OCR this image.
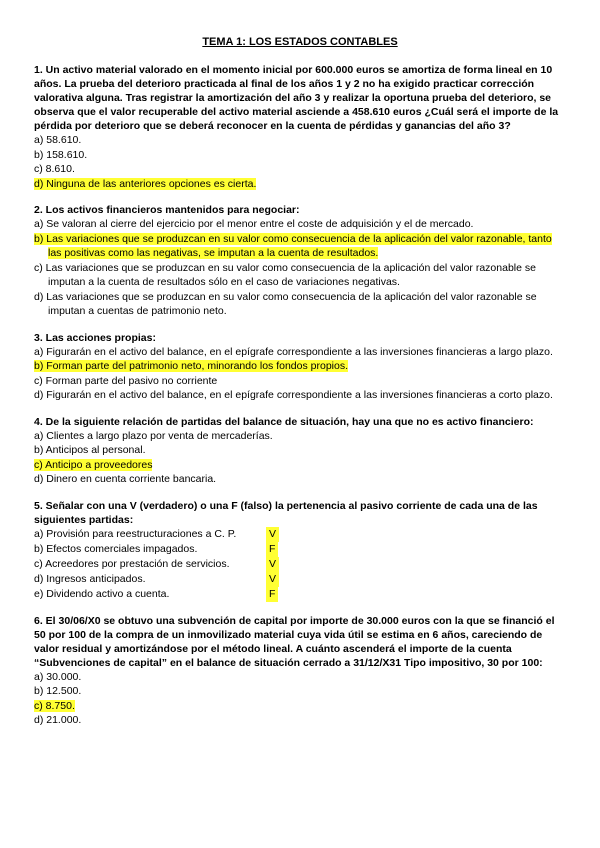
TEMA 1: LOS ESTADOS CONTABLES

1. Un activo material valorado en el momento inicial por 600.000 euros se amortiza de forma lineal en 10 años. La prueba del deterioro practicada al final de los años 1 y 2 no ha exigido practicar corrección valorativa alguna. Tras registrar la amortización del año 3 y realizar la oportuna prueba del deterioro, se observa que el valor recuperable del activo material asciende a 458.610 euros ¿Cuál será el importe de la pérdida por deterioro que se deberá reconocer en la cuenta de pérdidas y ganancias del año 3?

a) 58.610.

b) 158.610.

c) 8.610.

d) Ninguna de las anteriores opciones es cierta.

2. Los activos financieros mantenidos para negociar:

a) Se valoran al cierre del ejercicio por el menor entre el coste de adquisición y el de mercado.

b) Las variaciones que se produzcan en su valor como consecuencia de la aplicación del valor razonable, tanto las positivas como las negativas, se imputan a la cuenta de resultados.

c) Las variaciones que se produzcan en su valor como consecuencia de la aplicación del valor razonable se imputan a la cuenta de resultados sólo en el caso de variaciones negativas.

d) Las variaciones que se produzcan en su valor como consecuencia de la aplicación del valor razonable se imputan a cuentas de patrimonio neto.

3. Las acciones propias:

a) Figurarán en el activo del balance, en el epígrafe correspondiente a las inversiones financieras a largo plazo.

b) Forman parte del patrimonio neto, minorando los fondos propios.

c) Forman parte del pasivo no corriente

d) Figurarán en el activo del balance, en el epígrafe correspondiente a las inversiones financieras a corto plazo.

4. De la siguiente relación de partidas del balance de situación, hay una que no es activo financiero:

a) Clientes a largo plazo por venta de mercaderías.

b) Anticipos al personal.

c) Anticipo a proveedores

d) Dinero en cuenta corriente bancaria.

5. Señalar con una V (verdadero) o una F (falso) la pertenencia al pasivo corriente de cada una de las siguientes partidas:

a) Provisión para reestructuraciones a C. P.	V
b) Efectos comerciales impagados.	F
c) Acreedores por prestación de servicios.	V
d) Ingresos anticipados.	V
e) Dividendo activo a cuenta.	F

6. El 30/06/X0 se obtuvo una subvención de capital por importe de 30.000 euros con la que se financió el 50 por 100 de la compra de un inmovilizado material cuya vida útil se estima en 6 años, careciendo de valor residual y amortizándose por el método lineal. A cuánto ascenderá el importe de la cuenta “Subvenciones de capital” en el balance de situación cerrado a 31/12/X31 Tipo impositivo, 30 por 100:

a) 30.000.

b) 12.500.

c) 8.750.

d) 21.000.
